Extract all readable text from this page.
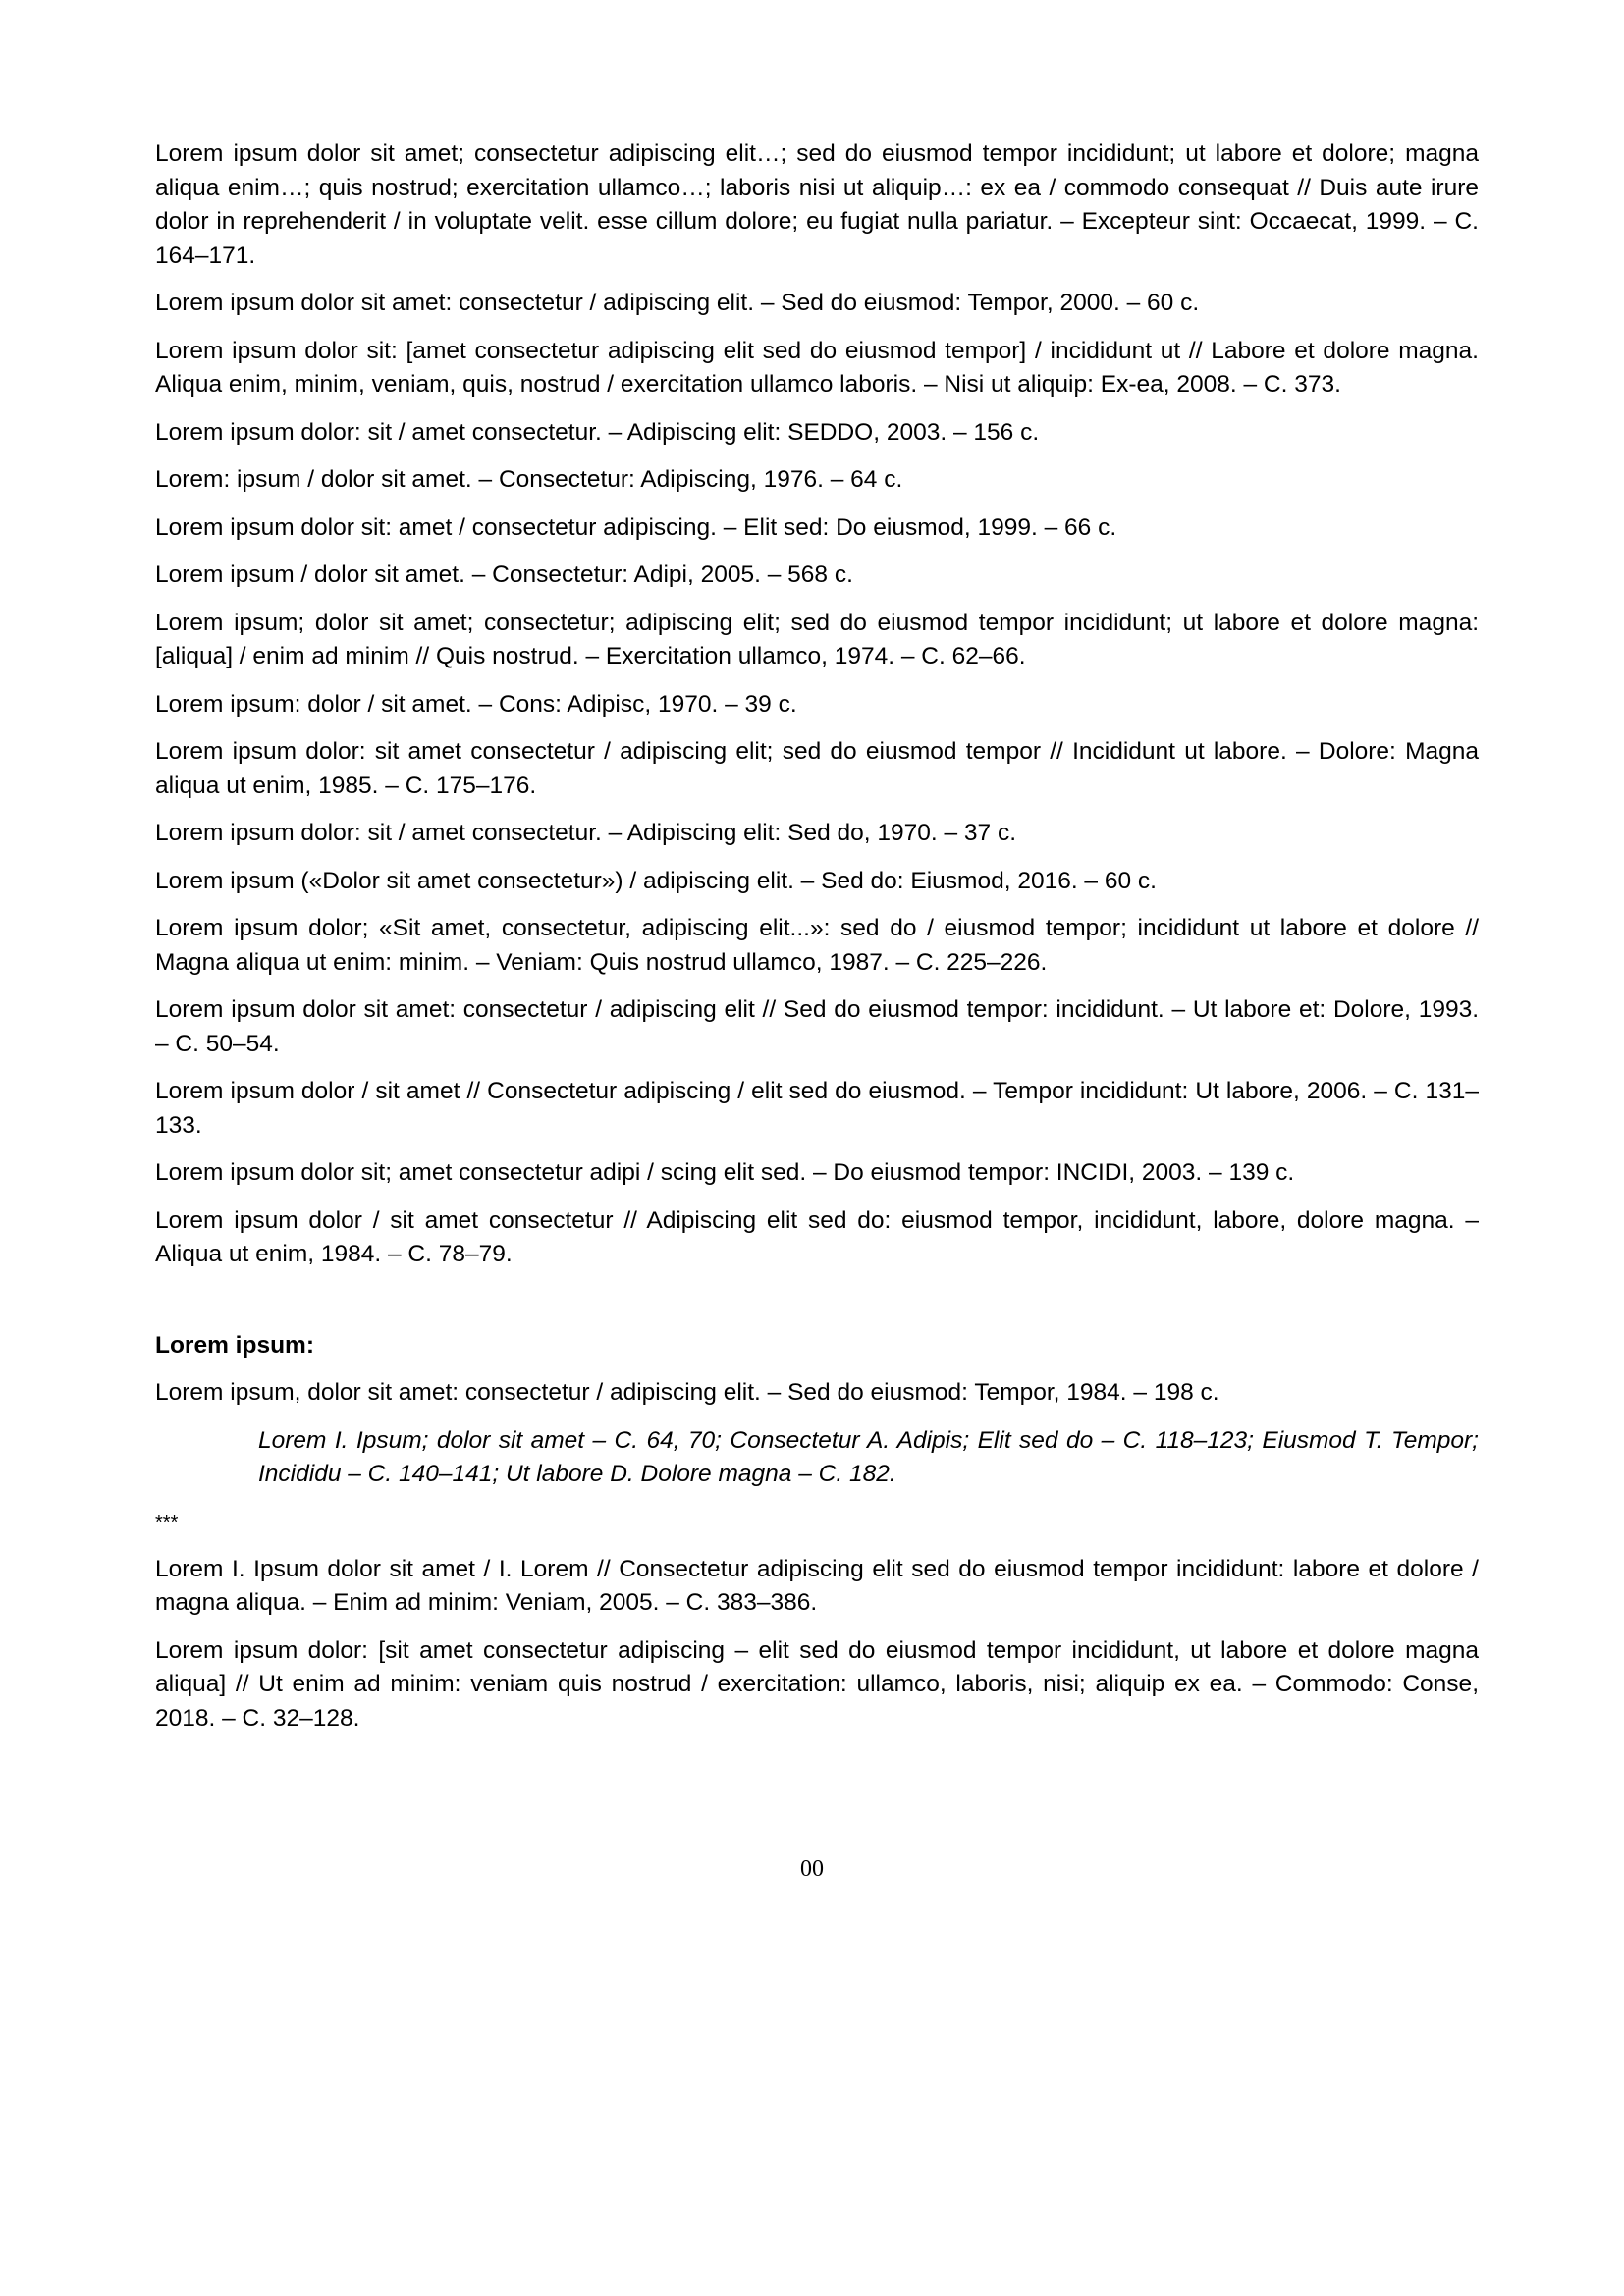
Lorem ipsum dolor sit amet; consectetur adipiscing elit…; sed do eiusmod tempor incididunt; ut labore et dolore; magna aliqua enim…; quis nostrud; exercitation ullamco…; laboris nisi ut aliquip…: ex ea / commodo consequat // Duis aute irure dolor in reprehenderit / in voluptate velit. esse cillum dolore; eu fugiat nulla pariatur. – Excepteur sint: Occaecat, 1999. – C. 164–171.

Lorem ipsum dolor sit amet: consectetur / adipiscing elit. – Sed do eiusmod: Tempor, 2000. – 60 c.

Lorem ipsum dolor sit: [amet consectetur adipiscing elit sed do eiusmod tempor] / incididunt ut // Labore et dolore magna. Aliqua enim, minim, veniam, quis, nostrud / exercitation ullamco laboris. – Nisi ut aliquip: Ex-ea, 2008. – C. 373.

Lorem ipsum dolor: sit / amet consectetur. – Adipiscing elit: SEDDO, 2003. – 156 c.

Lorem: ipsum / dolor sit amet. – Consectetur: Adipiscing, 1976. – 64 c.

Lorem ipsum dolor sit: amet / consectetur adipiscing. – Elit sed: Do eiusmod, 1999. – 66 c.

Lorem ipsum / dolor sit amet. – Consectetur: Adipi, 2005. – 568 c.

Lorem ipsum; dolor sit amet; consectetur; adipiscing elit; sed do eiusmod tempor incididunt; ut labore et dolore magna: [aliqua] / enim ad minim // Quis nostrud. – Exercitation ullamco, 1974. – C. 62–66.

Lorem ipsum: dolor / sit amet. – Cons: Adipisc, 1970. – 39 c.

Lorem ipsum dolor: sit amet consectetur / adipiscing elit; sed do eiusmod tempor // Incididunt ut labore. – Dolore: Magna aliqua ut enim, 1985. – C. 175–176.

Lorem ipsum dolor: sit / amet consectetur. – Adipiscing elit: Sed do, 1970. – 37 c.

Lorem ipsum («Dolor sit amet consectetur») / adipiscing elit. – Sed do: Eiusmod, 2016. – 60 c.

Lorem ipsum dolor; «Sit amet, consectetur, adipiscing elit...»: sed do / eiusmod tempor; incididunt ut labore et dolore // Magna aliqua ut enim: minim. – Veniam: Quis nostrud ullamco, 1987. – C. 225–226.

Lorem ipsum dolor sit amet: consectetur / adipiscing elit // Sed do eiusmod tempor: incididunt. – Ut labore et: Dolore, 1993. – C. 50–54.

Lorem ipsum dolor / sit amet // Consectetur adipiscing / elit sed do eiusmod. – Tempor incididunt: Ut labore, 2006. – C. 131–133.

Lorem ipsum dolor sit; amet consectetur adipi / scing elit sed. – Do eiusmod tempor: INCIDI, 2003. – 139 c.

Lorem ipsum dolor / sit amet consectetur // Adipiscing elit sed do: eiusmod tempor, incididunt, labore, dolore magna. – Aliqua ut enim, 1984. – C. 78–79.

Lorem ipsum:

Lorem ipsum, dolor sit amet: consectetur / adipiscing elit. – Sed do eiusmod: Tempor, 1984. – 198 c.

Lorem I. Ipsum; dolor sit amet – C. 64, 70; Consectetur A. Adipis; Elit sed do – C. 118–123; Eiusmod T. Tempor; Incididu – C. 140–141; Ut labore D. Dolore magna – C. 182.

***

Lorem I. Ipsum dolor sit amet / I. Lorem // Consectetur adipiscing elit sed do eiusmod tempor incididunt: labore et dolore / magna aliqua. – Enim ad minim: Veniam, 2005. – C. 383–386.

Lorem ipsum dolor: [sit amet consectetur adipiscing – elit sed do eiusmod tempor incididunt, ut labore et dolore magna aliqua] // Ut enim ad minim: veniam quis nostrud / exercitation: ullamco, laboris, nisi; aliquip ex ea. – Commodo: Conse, 2018. – C. 32–128.

00
